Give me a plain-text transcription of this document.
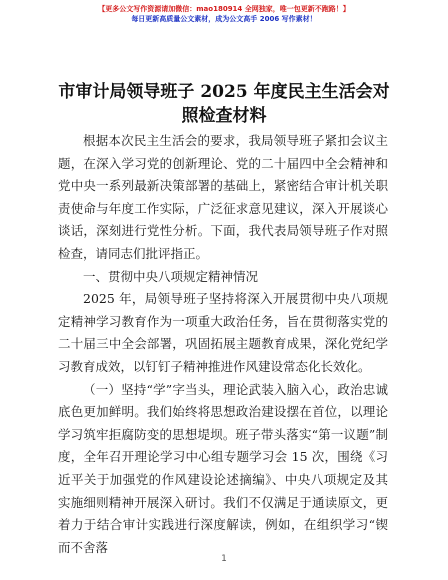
【更多公文写作资源请加微信：mao180914 全网独家，唯一包更新不跑路！】
每日更新高质量公文素材，成为公文高手 2006 写作素材！
市审计局领导班子 2025 年度民主生活会对照检查材料

根据本次民主生活会的要求，我局领导班子紧扣会议主题，在深入学习党的创新理论、党的二十届四中全会精神和党中央一系列最新决策部署的基础上，紧密结合审计机关职责使命与年度工作实际，广泛征求意见建议，深入开展谈心谈话，深刻进行党性分析。下面，我代表局领导班子作对照检查，请同志们批评指正。

一、贯彻中央八项规定精神情况

2025 年，局领导班子坚持将深入开展贯彻中央八项规定精神学习教育作为一项重大政治任务，旨在贯彻落实党的二十届三中全会部署，巩固拓展主题教育成果，深化党纪学习教育成效，以钉钉子精神推进作风建设常态化长效化。

（一）坚持“学”字当头，理论武装入脑入心，政治忠诚底色更加鲜明。我们始终将思想政治建设摆在首位，以理论学习筑牢拒腐防变的思想堤坝。班子带头落实“第一议题”制度，全年召开理论学习中心组专题学习会 15 次，围绕《习近平关于加强党的作风建设论述摘编》、中央八项规定及其实施细则精神开展深入研讨。我们不仅满足于通读原文，更着力于结合审计实践进行深度解读，例如，在组织学习“锲而不舍落

1
